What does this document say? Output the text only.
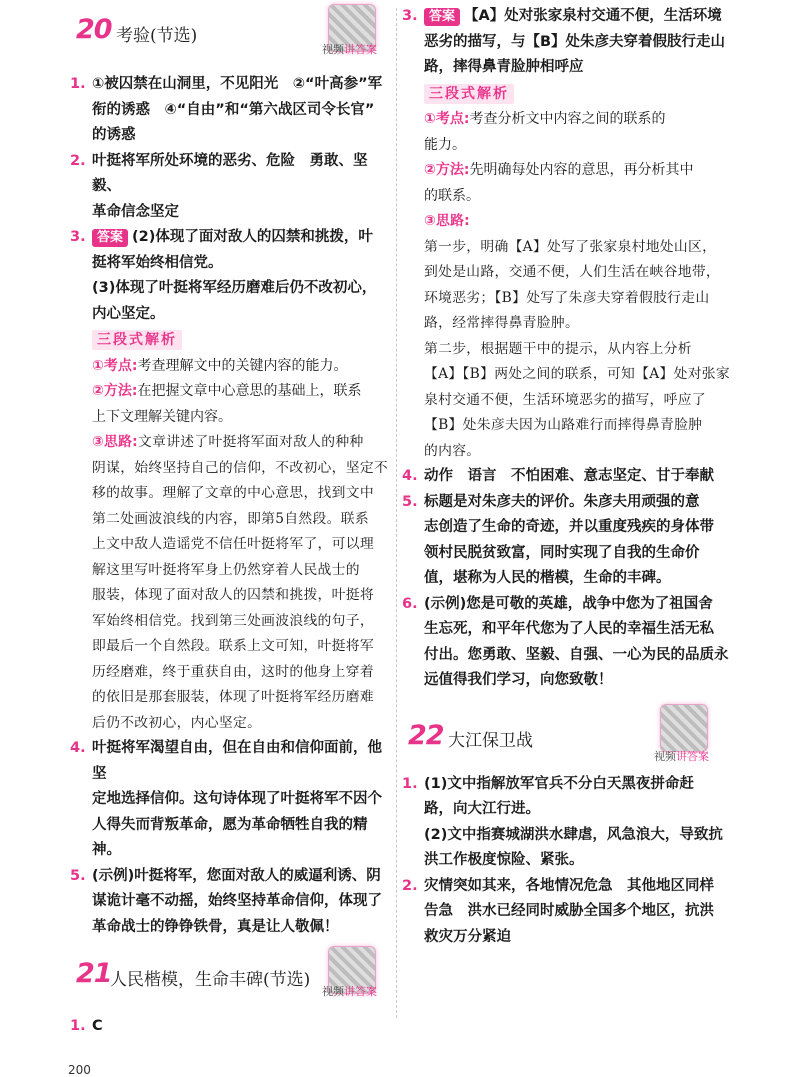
20 考验(节选)
视频讲答案
1. ①被囚禁在山洞里，不见阳光　②“叶高参”军
衔的诱惑　④“自由”和“第六战区司令长官”
的诱惑
2. 叶挺将军所处环境的恶劣、危险　勇敢、坚毅、
革命信念坚定
3. 答案 (2)体现了面对敌人的囚禁和挑拨，叶
挺将军始终相信党。
(3)体现了叶挺将军经历磨难后仍不改初心，
内心坚定。
三段式解析
①考点:考查理解文中的关键内容的能力。
②方法:在把握文章中心意思的基础上，联系
上下文理解关键内容。
③思路:文章讲述了叶挺将军面对敌人的种种
阴谋，始终坚持自己的信仰，不改初心，坚定不
移的故事。理解了文章的中心意思，找到文中
第二处画波浪线的内容，即第5自然段。联系
上文中敌人造谣党不信任叶挺将军了，可以理
解这里写叶挺将军身上仍然穿着人民战士的
服装，体现了面对敌人的囚禁和挑拨，叶挺将
军始终相信党。找到第三处画波浪线的句子，
即最后一个自然段。联系上文可知，叶挺将军
历经磨难，终于重获自由，这时的他身上穿着
的依旧是那套服装，体现了叶挺将军经历磨难
后仍不改初心，内心坚定。
4. 叶挺将军渴望自由，但在自由和信仰面前，他坚
定地选择信仰。这句诗体现了叶挺将军不因个
人得失而背叛革命，愿为革命牺牲自我的精神。
5. (示例)叶挺将军，您面对敌人的威逼利诱、阴
谋诡计毫不动摇，始终坚持革命信仰，体现了
革命战士的铮铮铁骨，真是让人敬佩！
21
人民楷模，生命丰碑(节选)
视频讲答案
1. C
3. 答案 【A】处对张家泉村交通不便，生活环境
恶劣的描写，与【B】处朱彦夫穿着假肢行走山
路，摔得鼻青脸肿相呼应
三段式解析
①考点:考查分析文中内容之间的联系的
能力。
②方法:先明确每处内容的意思，再分析其中
的联系。
③思路:
第一步，明确【A】处写了张家泉村地处山区，
到处是山路，交通不便，人们生活在峡谷地带，
环境恶劣；【B】处写了朱彦夫穿着假肢行走山
路，经常摔得鼻青脸肿。
第二步，根据题干中的提示，从内容上分析
【A】【B】两处之间的联系，可知【A】处对张家
泉村交通不便，生活环境恶劣的描写，呼应了
【B】处朱彦夫因为山路难行而摔得鼻青脸肿
的内容。
4. 动作　语言　不怕困难、意志坚定、甘于奉献
5. 标题是对朱彦夫的评价。朱彦夫用顽强的意
志创造了生命的奇迹，并以重度残疾的身体带
领村民脱贫致富，同时实现了自我的生命价
值，堪称为人民的楷模，生命的丰碑。
6. (示例)您是可敬的英雄，战争中您为了祖国舍
生忘死，和平年代您为了人民的幸福生活无私
付出。您勇敢、坚毅、自强、一心为民的品质永
远值得我们学习，向您致敬！
22 大江保卫战
视频讲答案
1. (1)文中指解放军官兵不分白天黑夜拼命赶
路，向大江行进。
(2)文中指赛城湖洪水肆虐，风急浪大，导致抗
洪工作极度惊险、紧张。
2. 灾情突如其来，各地情况危急　其他地区同样
告急　洪水已经同时威胁全国多个地区，抗洪
救灾万分紧迫
200
